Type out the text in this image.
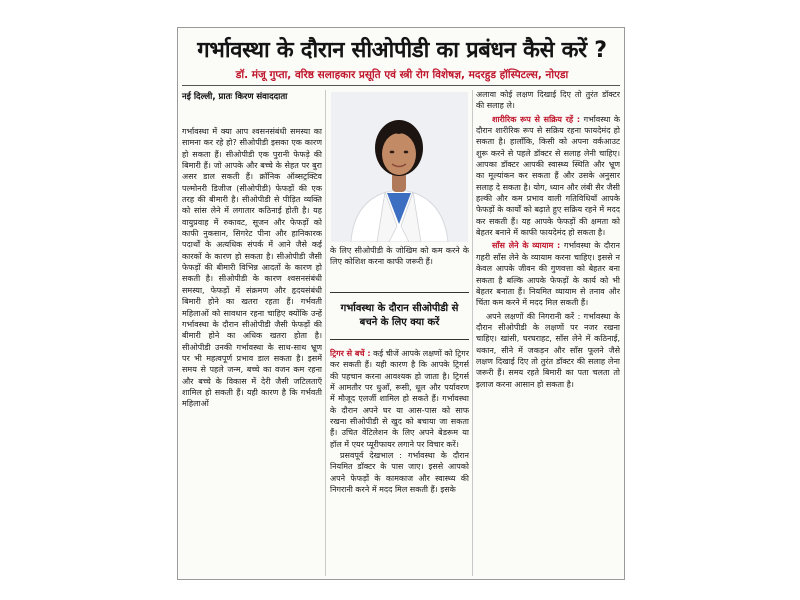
गर्भावस्था के दौरान सीओपीडी का प्रबंधन कैसे करें ?
डॉ. मंजू गुप्ता, वरिष्ठ सलाहकार प्रसूति एवं स्त्री रोग विशेषज्ञ, मदरहुड हॉस्पिटल्स, नोएडा
नई दिल्ली, प्रातः किरण संवाददाता

गर्भावस्था में क्या आप श्वसनसंबंधी समस्या का सामना कर रहे हो? सीओपीडी इसका एक कारण हो सकता हैं। सीओपीडी एक पुरानी फेफड़े की बिमारी हैं। जो आपके और बच्चे के सेहत पर बुरा असर डाल सकती हैं। क्रॉनिक ऑब्सट्रक्टिव पल्मोनरी डिजीज (सीओपीडी) फेफड़ों की एक तरह की बीमारी है। सीओपीडी से पीड़ित व्यक्ति को सांस लेने में लगातार कठिनाई होती है। यह वायुप्रवाह में रुकावट, सूजन और फेफड़ों को काफी नुकसान, सिगरेट पीना और हानिकारक पदार्थों के अत्यधिक संपर्क में आने जैसे कई कारकों के कारण हो सकता है। सीओपीडी जैसी फेफड़ों की बीमारी विभिन्न आदतों के कारण हो सकती है। सीओपीडी के कारण श्वसनसंबंधी समस्या, फेफड़ों में संक्रमण और हृदयसंबंधी बिमारी होने का खतरा रहता हैं। गर्भवती महिलाओं को सावधान रहना चाहिए क्योंकि उन्हें गर्भावस्था के दौरान सीओपीडी जैसी फेफड़ों की बीमारी होने का अधिक खतरा होता है। सीओपीडी उनकी गर्भावस्था के साथ-साथ भ्रूण पर भी महत्वपूर्ण प्रभाव डाल सकता है। इसमें समय से पहले जन्म, बच्चे का वजन कम रहना और बच्चे के विकास में देरी जैसी जटिलताएँ शामिल हो सकती हैं। यही कारण है कि गर्भवती महिलाओं

के लिए सीओपीडी के जोखिम को कम करने के लिए कोशिश करना काफी जरूरी हैं।

गर्भावस्था के दौरान सीओपीडी से बचने के लिए क्या करें

ट्रिगर से बचें : कई चीजें आपके लक्षणों को ट्रिगर कर सकती हैं। यही कारण है कि आपके ट्रिगर्स की पहचान करना आवश्यक हो जाता है। ट्रिगर्स में आमतौर पर धुआँ, रूसी, धूल और पर्यावरण में मौजूद एलर्जी शामिल हो सकते हैं। गर्भावस्था के दौरान अपने घर या आस-पास को साफ रखना सीओपीडी से खुद को बचाया जा सकता हैं। उचित वेंटिलेशन के लिए अपने बेडरूम या हॉल में एयर प्यूरीफायर लगाने पर विचार करें।

प्रसवपूर्व देखभाल : गर्भावस्था के दौरान नियमित डॉक्टर के पास जाए। इससे आपको अपने फेफड़ों के कामकाज और स्वास्थ्य की निगरानी करने में मदद मिल सकती हैं। इसके

अलावा कोई लक्षण दिखाई दिए तो तुरंत डॉक्टर की सलाह ले।

शारीरिक रूप से सक्रिय रहें : गर्भावस्था के दौरान शारीरिक रूप से सक्रिय रहना फायदेमंद हो सकता है। हालाँकि, किसी को अपना वर्कआउट शुरू करने से पहले डॉक्टर से सलाह लेनी चाहिए। आपका डॉक्टर आपकी स्वास्थ्य स्थिति और भ्रूण का मूल्यांकन कर सकता हैं और उसके अनुसार सलाह दे सकता है। योग, ध्यान और लंबी सैर जैसी हल्की और कम प्रभाव वाली गतिविधियाँ आपके फेफड़ों के कार्यों को बढ़ाते हुए सक्रिय रहने में मदद कर सकती हैं। यह आपके फेफड़ों की क्षमता को बेहतर बनाने में काफी फायदेमंद हो सकता है।

साँस लेने के व्यायाम : गर्भावस्था के दौरान गहरी साँस लेने के व्यायाम करना चाहिए। इससे न केवल आपके जीवन की गुणवत्ता को बेहतर बना सकता है बल्कि आपके फेफड़ों के कार्य को भी बेहतर बनाता हैं। नियमित व्यायाम से तनाव और चिंता कम करने में मदद मिल सकती हैं।

अपने लक्षणों की निगरानी करें : गर्भावस्था के दौरान सीओपीडी के लक्षणों पर नजर रखना चाहिए। खांसी, घरघराहट, साँस लेने में कठिनाई, थकान, सीने में जकड़न और साँस फूलने जैसे लक्षण दिखाई दिए तो तुरंत डॉक्टर की सलाह लेना जरूरी हैं। समय रहते बिमारी का पता चलता तो इलाज करना आसान हो सकता है।
